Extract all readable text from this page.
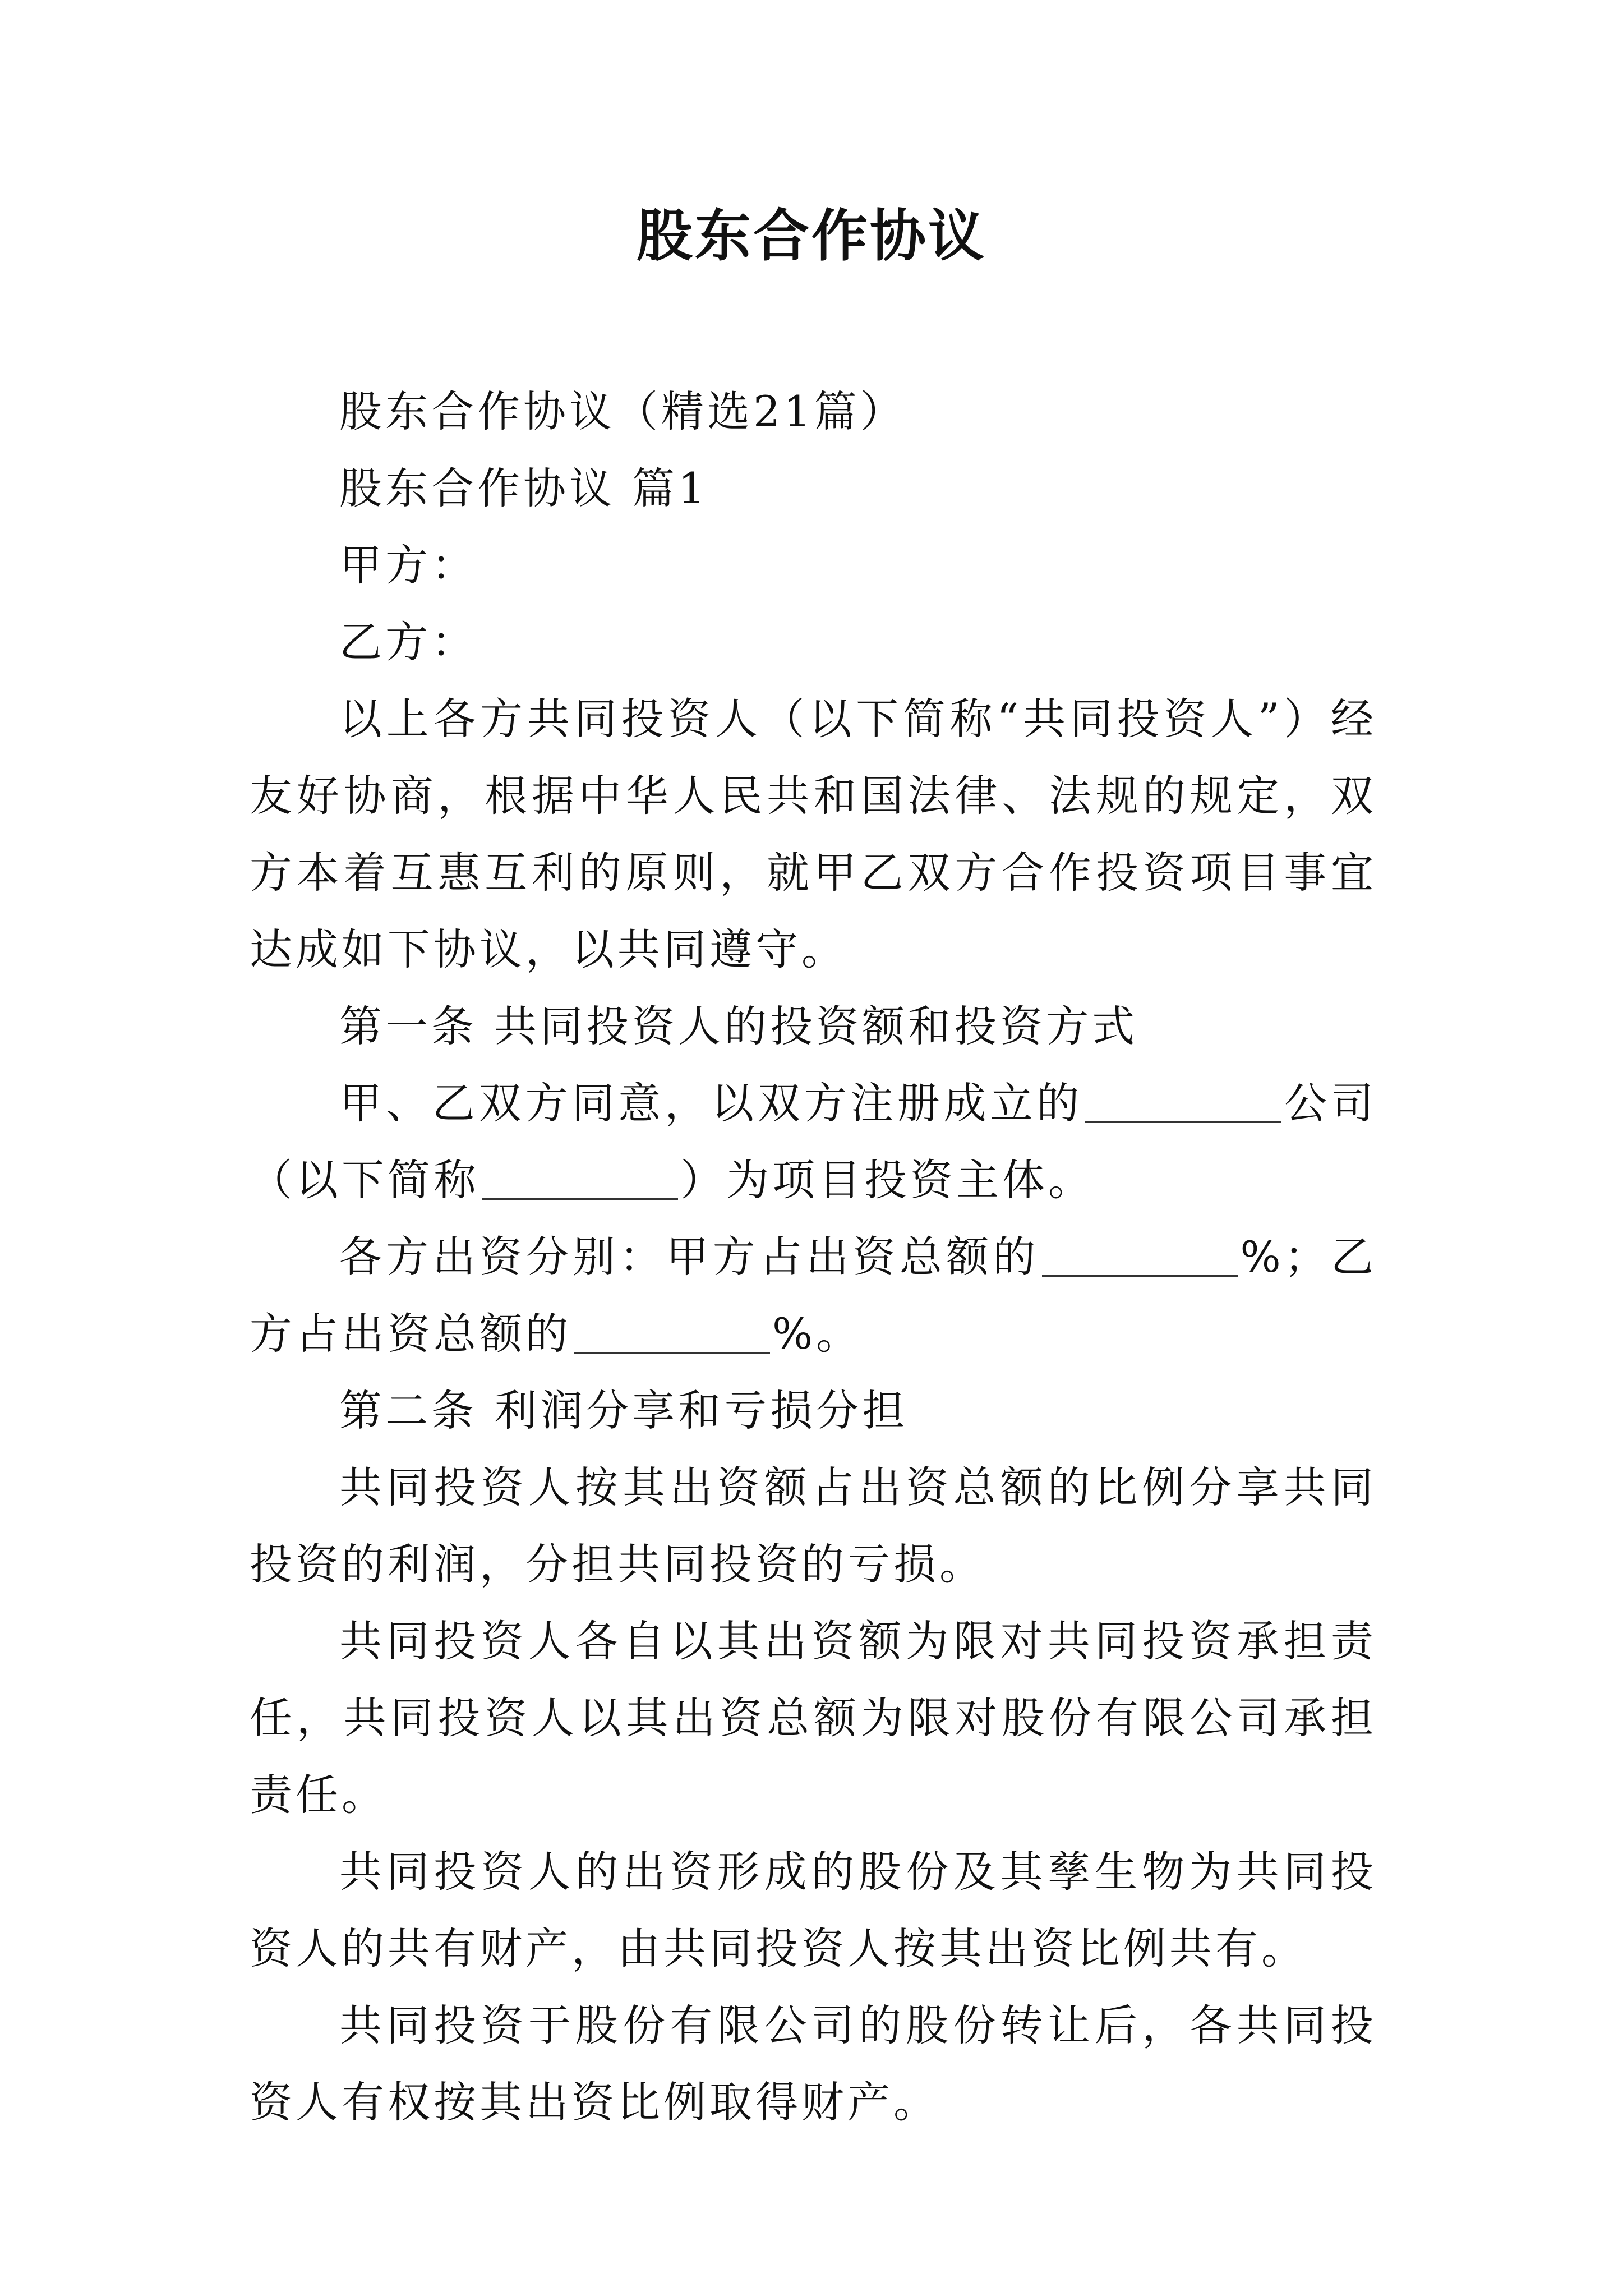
股东合作协议

股东合作协议（精选21篇）

股东合作协议 篇1

甲方：

乙方：

以上各方共同投资人（以下简称“共同投资人”）经友好协商，根据中华人民共和国法律、法规的规定，双方本着互惠互利的原则，就甲乙双方合作投资项目事宜达成如下协议，以共同遵守。

第一条 共同投资人的投资额和投资方式

甲、乙双方同意，以双方注册成立的	公司（以下简称	）为项目投资主体。

各方出资分别：甲方占出资总额的	%；乙方占出资总额的	%。

第二条 利润分享和亏损分担

共同投资人按其出资额占出资总额的比例分享共同投资的利润，分担共同投资的亏损。

共同投资人各自以其出资额为限对共同投资承担责任，共同投资人以其出资总额为限对股份有限公司承担责任。

共同投资人的出资形成的股份及其孳生物为共同投资人的共有财产，由共同投资人按其出资比例共有。

共同投资于股份有限公司的股份转让后，各共同投资人有权按其出资比例取得财产。
